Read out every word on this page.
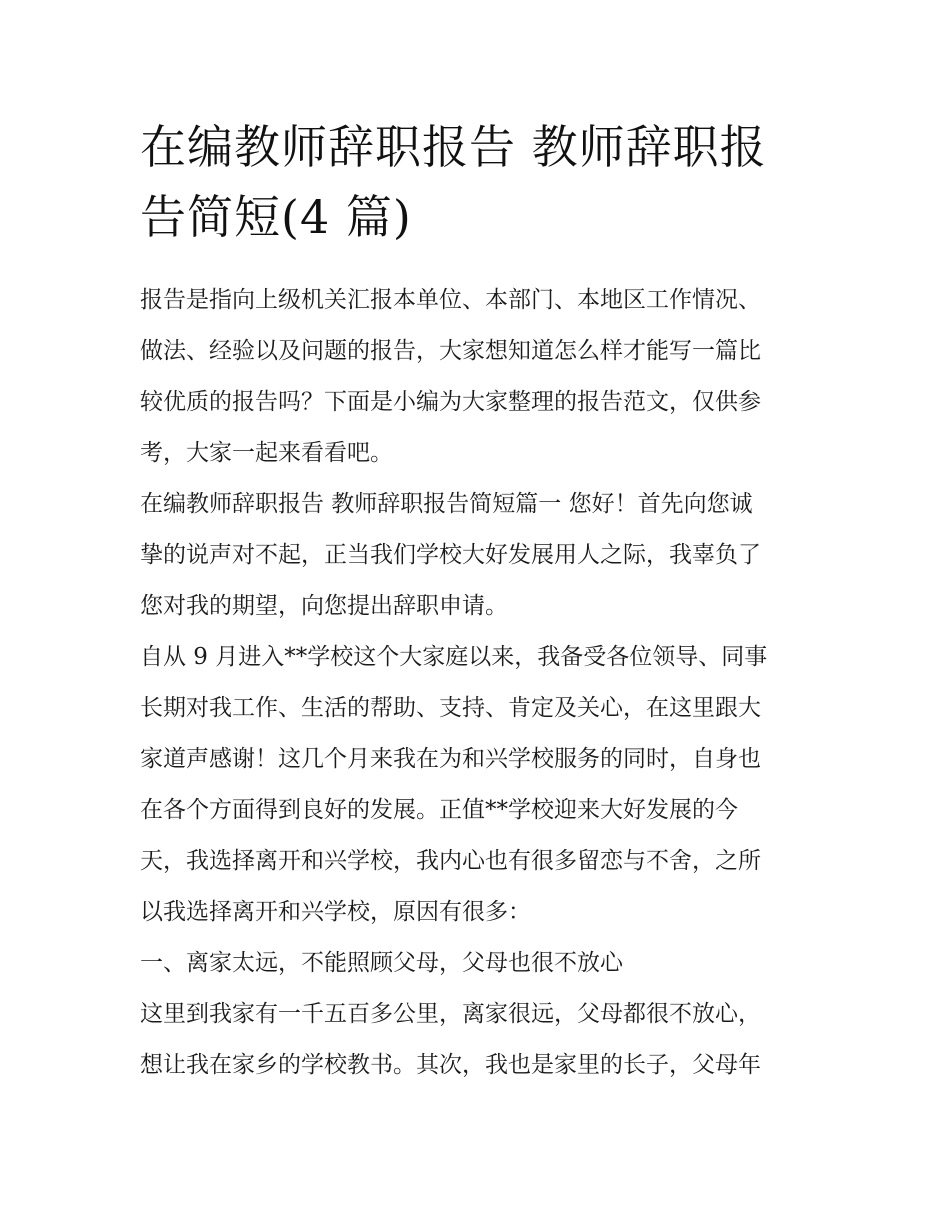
在编教师辞职报告 教师辞职报
告简短(4 篇)
报告是指向上级机关汇报本单位、本部门、本地区工作情况、
做法、经验以及问题的报告，大家想知道怎么样才能写一篇比
较优质的报告吗？下面是小编为大家整理的报告范文，仅供参
考，大家一起来看看吧。
在编教师辞职报告 教师辞职报告简短篇一 您好！首先向您诚
挚的说声对不起，正当我们学校大好发展用人之际，我辜负了
您对我的期望，向您提出辞职申请。
自从 9 月进入**学校这个大家庭以来，我备受各位领导、同事
长期对我工作、生活的帮助、支持、肯定及关心，在这里跟大
家道声感谢！这几个月来我在为和兴学校服务的同时，自身也
在各个方面得到良好的发展。正值**学校迎来大好发展的今
天，我选择离开和兴学校，我内心也有很多留恋与不舍，之所
以我选择离开和兴学校，原因有很多：
一、离家太远，不能照顾父母，父母也很不放心
这里到我家有一千五百多公里，离家很远，父母都很不放心，
想让我在家乡的学校教书。其次，我也是家里的长子，父母年
